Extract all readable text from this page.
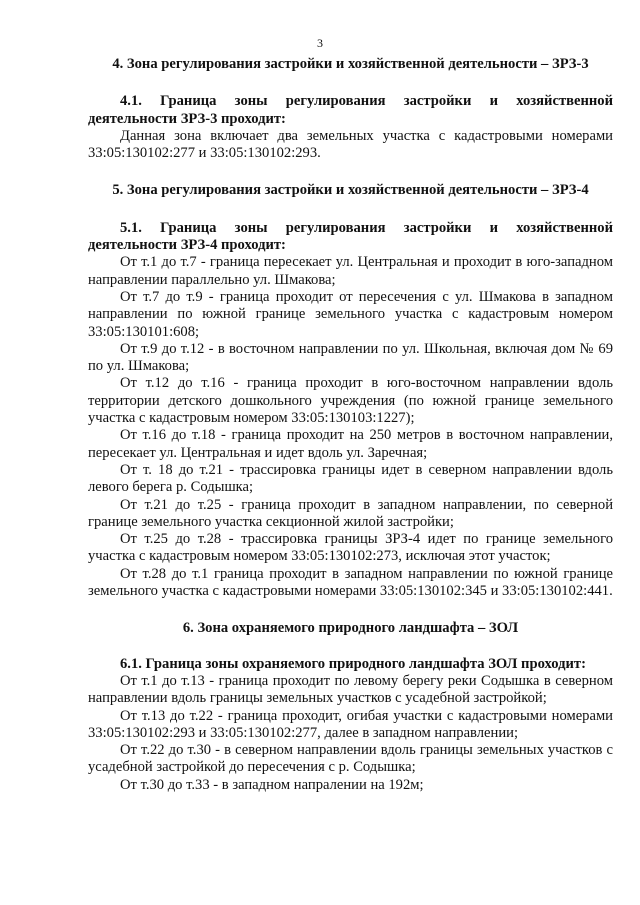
3

4. Зона регулирования застройки и хозяйственной деятельности – ЗРЗ-3

4.1. Граница зоны регулирования застройки и хозяйственной деятельности ЗРЗ-3 проходит:

Данная зона включает два земельных участка с кадастровыми номерами 33:05:130102:277 и 33:05:130102:293.

5. Зона регулирования застройки и хозяйственной деятельности – ЗРЗ-4

5.1. Граница зоны регулирования застройки и хозяйственной деятельности ЗРЗ-4 проходит:

От т.1 до т.7 - граница пересекает ул. Центральная и проходит в юго-западном направлении параллельно ул. Шмакова;

От т.7 до т.9 - граница проходит от пересечения с ул. Шмакова в западном направлении по южной границе земельного участка с кадастровым номером 33:05:130101:608;

От т.9 до т.12 - в восточном направлении по ул. Школьная, включая дом № 69 по ул. Шмакова;

От т.12 до т.16 - граница проходит в юго-восточном направлении вдоль территории детского дошкольного учреждения (по южной границе земельного участка с кадастровым номером 33:05:130103:1227);

От т.16 до т.18 - граница проходит на 250 метров в восточном направлении, пересекает ул. Центральная и идет вдоль ул. Заречная;

От т. 18 до т.21 - трассировка границы идет в северном направлении вдоль левого берега р. Содышка;

От т.21 до т.25 - граница проходит в западном направлении, по северной границе земельного участка секционной жилой застройки;

От т.25 до т.28 - трассировка границы ЗРЗ-4 идет по границе земельного участка с кадастровым номером 33:05:130102:273, исключая этот участок;

От т.28 до т.1 граница проходит в западном направлении по южной границе земельного участка с кадастровыми номерами 33:05:130102:345 и 33:05:130102:441.

6. Зона охраняемого природного ландшафта – ЗОЛ

6.1. Граница зоны охраняемого природного ландшафта ЗОЛ проходит:

От т.1 до т.13 - граница проходит по левому берегу реки Содышка в северном направлении вдоль границы земельных участков с усадебной застройкой;

От т.13 до т.22 - граница проходит, огибая участки с кадастровыми номерами 33:05:130102:293 и 33:05:130102:277, далее в западном направлении;

От т.22 до т.30 - в северном направлении вдоль границы земельных участков с усадебной застройкой до пересечения с р. Содышка;

От т.30 до т.33 - в западном напралении на 192м;
